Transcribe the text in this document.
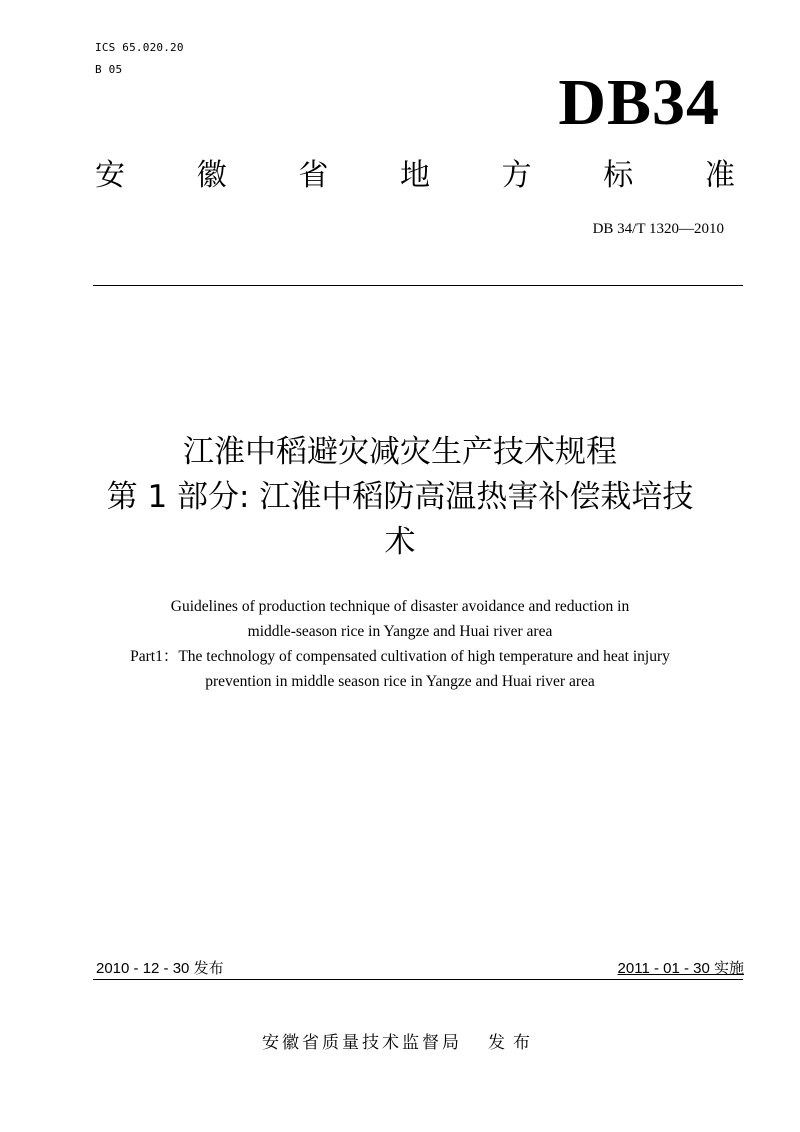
ICS 65.020.20
B 05	DB34
安 徽 省 地 方 标 准
DB 34/T 1320—2010
江淮中稻避灾减灾生产技术规程
第 1 部分: 江淮中稻防高温热害补偿栽培技
术
Guidelines of production technique of disaster avoidance and reduction in
middle-season rice in Yangze and Huai river area
Part1：The technology of compensated cultivation of high temperature and heat injury
prevention in middle season rice in Yangze and Huai river area
2010 - 12 - 30 发布	2011 - 01 - 30 实施
安徽省质量技术监督局 发布
